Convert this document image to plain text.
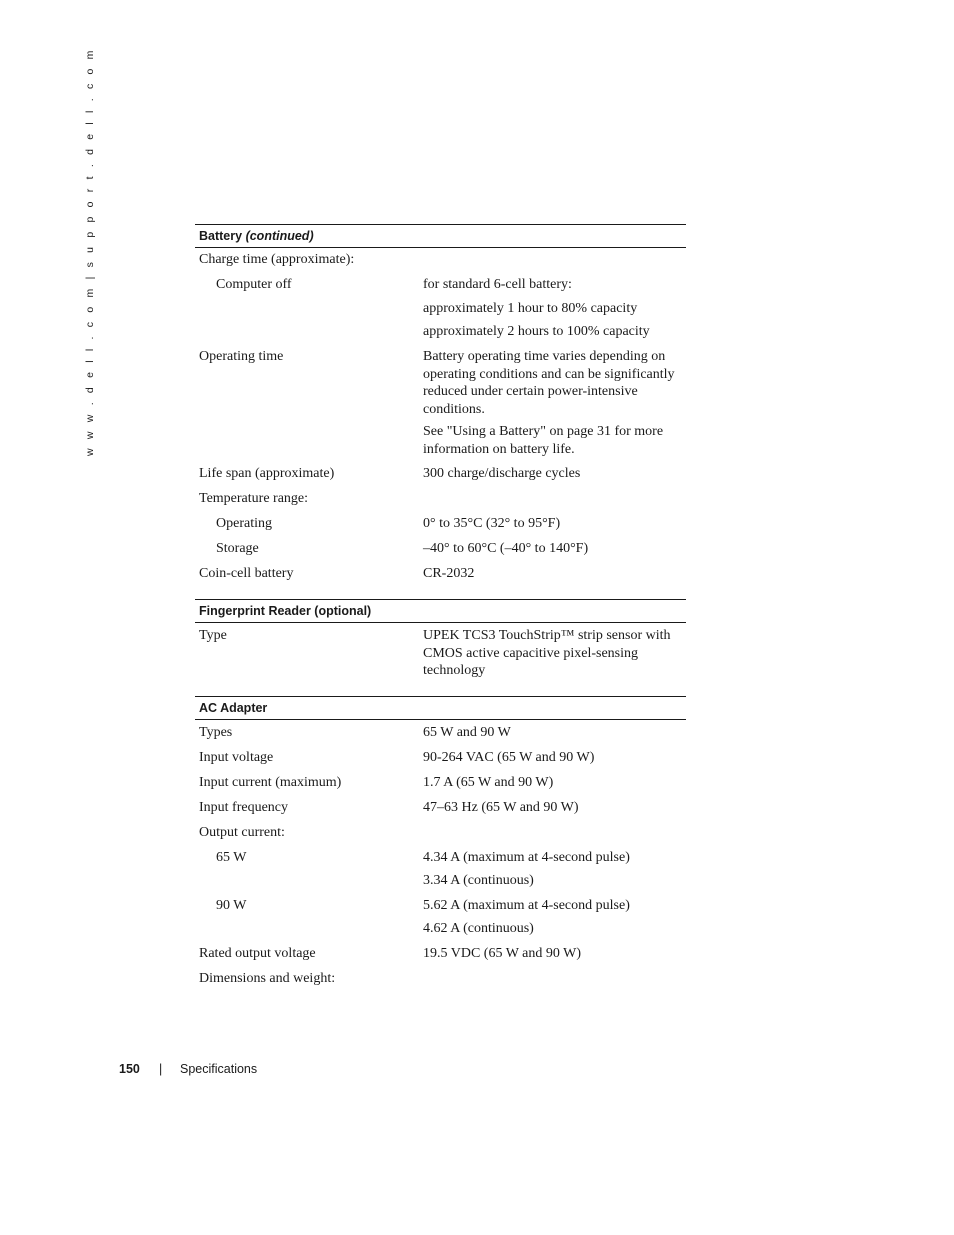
w w w . d e l l . c o m | s u p p o r t . d e l l . c o m	Battery (continued)
Charge time (approximate):
Computer off	for standard 6-cell battery:
approximately 1 hour to 80% capacity
approximately 2 hours to 100% capacity
Operating time	Battery operating time varies depending on operating conditions and can be significantly reduced under certain power-intensive conditions.
See "Using a Battery" on page 31 for more information on battery life.
Life span (approximate)	300 charge/discharge cycles
Temperature range:
Operating	0° to 35°C (32° to 95°F)
Storage	–40° to 60°C (–40° to 140°F)
Coin-cell battery	CR-2032
Fingerprint Reader (optional)
Type	UPEK TCS3 TouchStrip™ strip sensor with CMOS active capacitive pixel-sensing technology
AC Adapter
Types	65 W and 90 W
Input voltage	90-264 VAC (65 W and 90 W)
Input current (maximum)	1.7 A (65 W and 90 W)
Input frequency	47–63 Hz (65 W and 90 W)
Output current:
65 W	4.34 A (maximum at 4-second pulse)
3.34 A (continuous)
90 W	5.62 A (maximum at 4-second pulse)
4.62 A (continuous)
Rated output voltage	19.5 VDC (65 W and 90 W)
Dimensions and weight:
150 | Specifications
